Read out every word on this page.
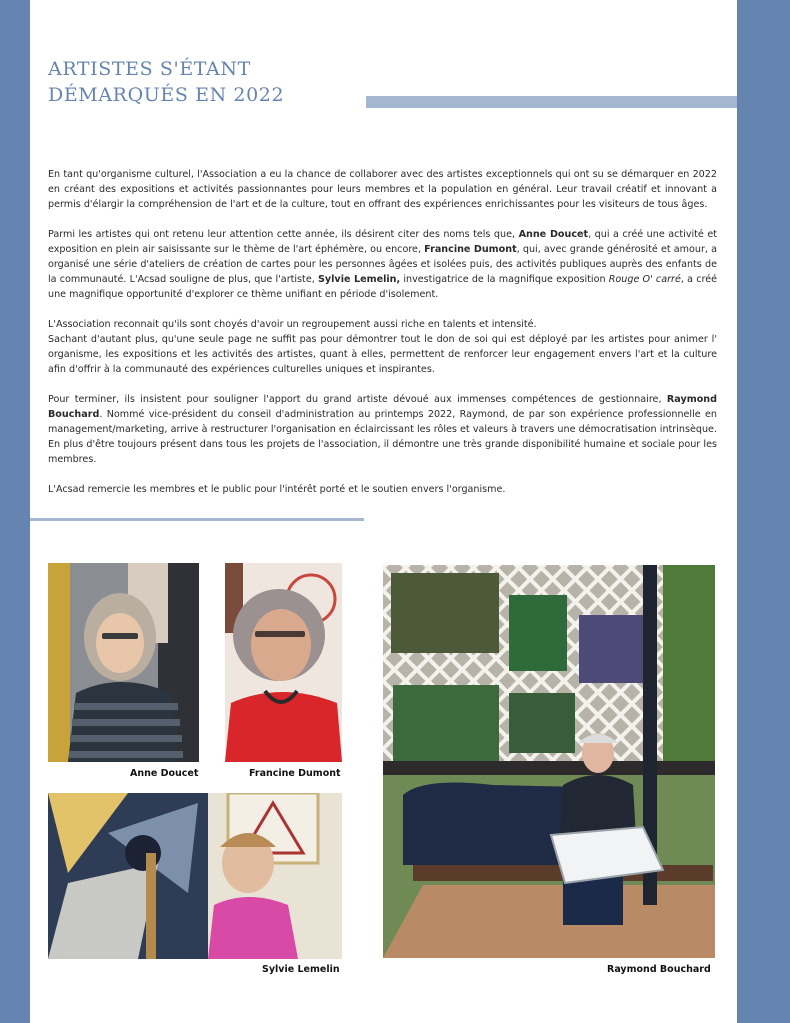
ARTISTES S'ÉTANT
DÉMARQUÉS EN 2022

En tant qu'organisme culturel, l'Association a eu la chance de collaborer avec des artistes exceptionnels qui ont su se démarquer en 2022 en créant des expositions et activités passionnantes pour leurs membres et la population en général. Leur travail créatif et innovant a permis d'élargir la compréhension de l'art et de la culture, tout en offrant des expériences enrichissantes pour les visiteurs de tous âges.

Parmi les artistes qui ont retenu leur attention cette année, ils désirent citer des noms tels que, Anne Doucet, qui a créé une activité et exposition en plein air saisissante sur le thème de l'art éphémère, ou encore, Francine Dumont, qui, avec grande générosité et amour, a organisé une série d'ateliers de création de cartes pour les personnes âgées et isolées puis, des activités publiques auprès des enfants de la communauté. L'Acsad souligne de plus, que l'artiste, Sylvie Lemelin, investigatrice de la magnifique exposition Rouge O' carré, a créé une magnifique opportunité d'explorer ce thème unifiant en période d'isolement.

L'Association reconnait qu'ils sont choyés d'avoir un regroupement aussi riche en talents et intensité.

Sachant d'autant plus, qu'une seule page ne suffit pas pour démontrer tout le don de soi qui est déployé par les artistes pour animer l' organisme, les expositions et les activités des artistes, quant à elles, permettent de renforcer leur engagement envers l'art et la culture afin d'offrir à la communauté des expériences culturelles uniques et inspirantes.

Pour terminer, ils insistent pour souligner l'apport du grand artiste dévoué aux immenses compétences de gestionnaire, Raymond Bouchard. Nommé vice-président du conseil d'administration au printemps 2022, Raymond, de par son expérience professionnelle en management/marketing, arrive à restructurer l'organisation en éclaircissant les rôles et valeurs à travers une démocratisation intrinsèque. En plus d'être toujours présent dans tous les projets de l'association, il démontre une très grande disponibilité humaine et sociale pour les membres.

L'Acsad remercie les membres et le public pour l'intérêt porté et le soutien envers l'organisme.

Anne Doucet	Francine Dumont
Sylvie Lemelin	Raymond Bouchard
